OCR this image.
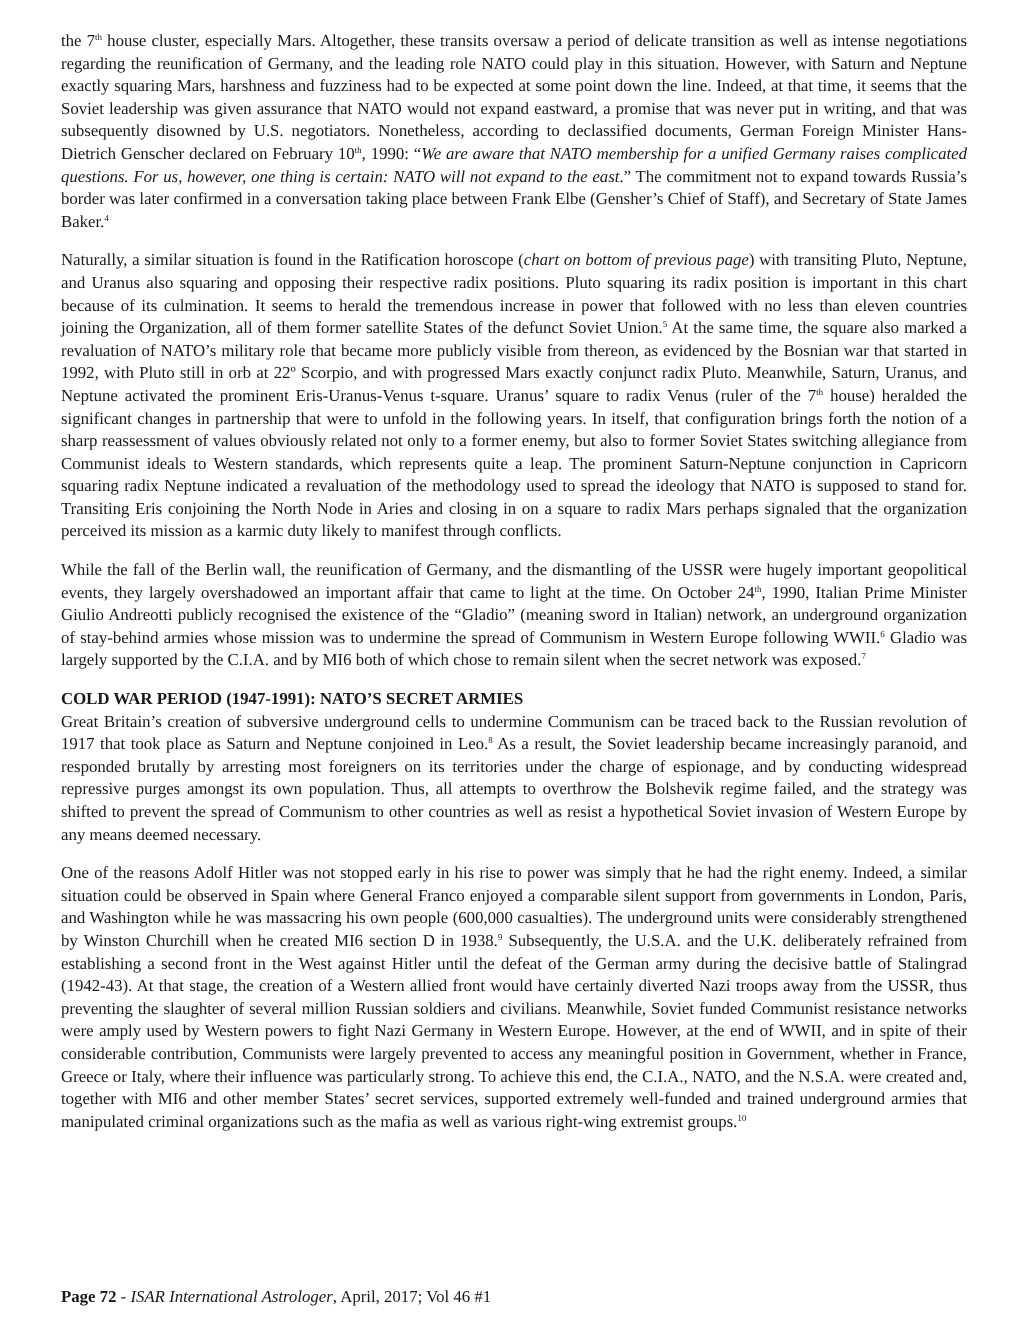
the 7th house cluster, especially Mars. Altogether, these transits oversaw a period of delicate transition as well as intense negotiations regarding the reunification of Germany, and the leading role NATO could play in this situation. However, with Saturn and Neptune exactly squaring Mars, harshness and fuzziness had to be expected at some point down the line. Indeed, at that time, it seems that the Soviet leadership was given assurance that NATO would not expand eastward, a promise that was never put in writing, and that was subsequently disowned by U.S. negotiators. Nonetheless, according to declassified documents, German Foreign Minister Hans-Dietrich Genscher declared on February 10th, 1990: “We are aware that NATO membership for a unified Germany raises complicated questions. For us, however, one thing is certain: NATO will not expand to the east.” The commitment not to expand towards Russia’s border was later confirmed in a conversation taking place between Frank Elbe (Gensher’s Chief of Staff), and Secretary of State James Baker.$^4$

Naturally, a similar situation is found in the Ratification horoscope (chart on bottom of previous page) with transiting Pluto, Neptune, and Uranus also squaring and opposing their respective radix positions. Pluto squaring its radix position is important in this chart because of its culmination. It seems to herald the tremendous increase in power that followed with no less than eleven countries joining the Organization, all of them former satellite States of the defunct Soviet Union.$^5$ At the same time, the square also marked a revaluation of NATO’s military role that became more publicly visible from thereon, as evidenced by the Bosnian war that started in 1992, with Pluto still in orb at 22º Scorpio, and with progressed Mars exactly conjunct radix Pluto. Meanwhile, Saturn, Uranus, and Neptune activated the prominent Eris-Uranus-Venus t-square. Uranus’ square to radix Venus (ruler of the 7th house) heralded the significant changes in partnership that were to unfold in the following years. In itself, that configuration brings forth the notion of a sharp reassessment of values obviously related not only to a former enemy, but also to former Soviet States switching allegiance from Communist ideals to Western standards, which represents quite a leap. The prominent Saturn-Neptune conjunction in Capricorn squaring radix Neptune indicated a revaluation of the methodology used to spread the ideology that NATO is supposed to stand for. Transiting Eris conjoining the North Node in Aries and closing in on a square to radix Mars perhaps signaled that the organization perceived its mission as a karmic duty likely to manifest through conflicts.

While the fall of the Berlin wall, the reunification of Germany, and the dismantling of the USSR were hugely important geopolitical events, they largely overshadowed an important affair that came to light at the time. On October 24th, 1990, Italian Prime Minister Giulio Andreotti publicly recognised the existence of the “Gladio” (meaning sword in Italian) network, an underground organization of stay-behind armies whose mission was to undermine the spread of Communism in Western Europe following WWII.$^6$ Gladio was largely supported by the C.I.A. and by MI6 both of which chose to remain silent when the secret network was exposed.$^7$

COLD WAR PERIOD (1947-1991): NATO’S SECRET ARMIES

Great Britain’s creation of subversive underground cells to undermine Communism can be traced back to the Russian revolution of 1917 that took place as Saturn and Neptune conjoined in Leo.$^8$ As a result, the Soviet leadership became increasingly paranoid, and responded brutally by arresting most foreigners on its territories under the charge of espionage, and by conducting widespread repressive purges amongst its own population. Thus, all attempts to overthrow the Bolshevik regime failed, and the strategy was shifted to prevent the spread of Communism to other countries as well as resist a hypothetical Soviet invasion of Western Europe by any means deemed necessary.

One of the reasons Adolf Hitler was not stopped early in his rise to power was simply that he had the right enemy. Indeed, a similar situation could be observed in Spain where General Franco enjoyed a comparable silent support from governments in London, Paris, and Washington while he was massacring his own people (600,000 casualties). The underground units were considerably strengthened by Winston Churchill when he created MI6 section D in 1938.$^9$ Subsequently, the U.S.A. and the U.K. deliberately refrained from establishing a second front in the West against Hitler until the defeat of the German army during the decisive battle of Stalingrad (1942-43). At that stage, the creation of a Western allied front would have certainly diverted Nazi troops away from the USSR, thus preventing the slaughter of several million Russian soldiers and civilians. Meanwhile, Soviet funded Communist resistance networks were amply used by Western powers to fight Nazi Germany in Western Europe. However, at the end of WWII, and in spite of their considerable contribution, Communists were largely prevented to access any meaningful position in Government, whether in France, Greece or Italy, where their influence was particularly strong. To achieve this end, the C.I.A., NATO, and the N.S.A. were created and, together with MI6 and other member States’ secret services, supported extremely well-funded and trained underground armies that manipulated criminal organizations such as the mafia as well as various right-wing extremist groups.$^{10}$

Page 72 - ISAR International Astrologer, April, 2017; Vol 46 #1
